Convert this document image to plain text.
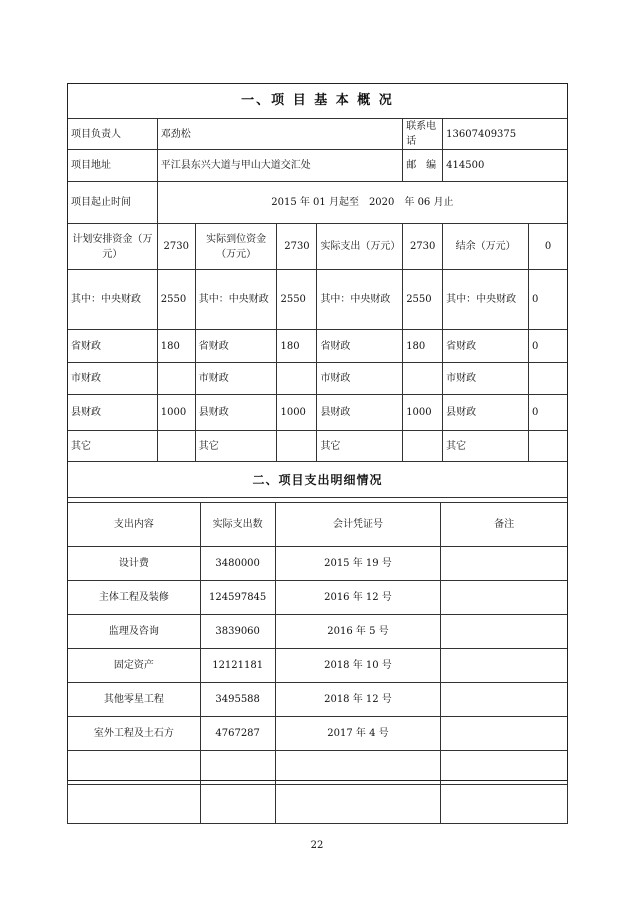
一、项 目 基 本 概 况							
项目负责人	邓劲松				联系电话	13607409375	
项目地址	平江县东兴大道与甲山大道交汇处				邮　编	414500	
项目起止时间	2015 年 01 月起至　2020　年 06 月止						
计划安排资金（万元）	2730	实际到位资金（万元）	2730	实际支出（万元）	2730	结余（万元）	0
其中：中央财政	2550	其中：中央财政	2550	其中：中央财政	2550	其中：中央财政	0
省财政	180	省财政	180	省财政	180	省财政	0
市财政		市财政		市财政		市财政	
县财政	1000	县财政	1000	县财政	1000	县财政	0
其它		其它		其它		其它	
二、项目支出明细情况							
支出内容	实际支出数	会计凭证号	备注
设计费	3480000	2015 年 19 号	
主体工程及装修	124597845	2016 年 12 号	
监理及咨询	3839060	2016 年 5 号	
固定资产	12121181	2018 年 10 号	
其他零星工程	3495588	2018 年 12 号	
室外工程及土石方	4767287	2017 年 4 号	

22
